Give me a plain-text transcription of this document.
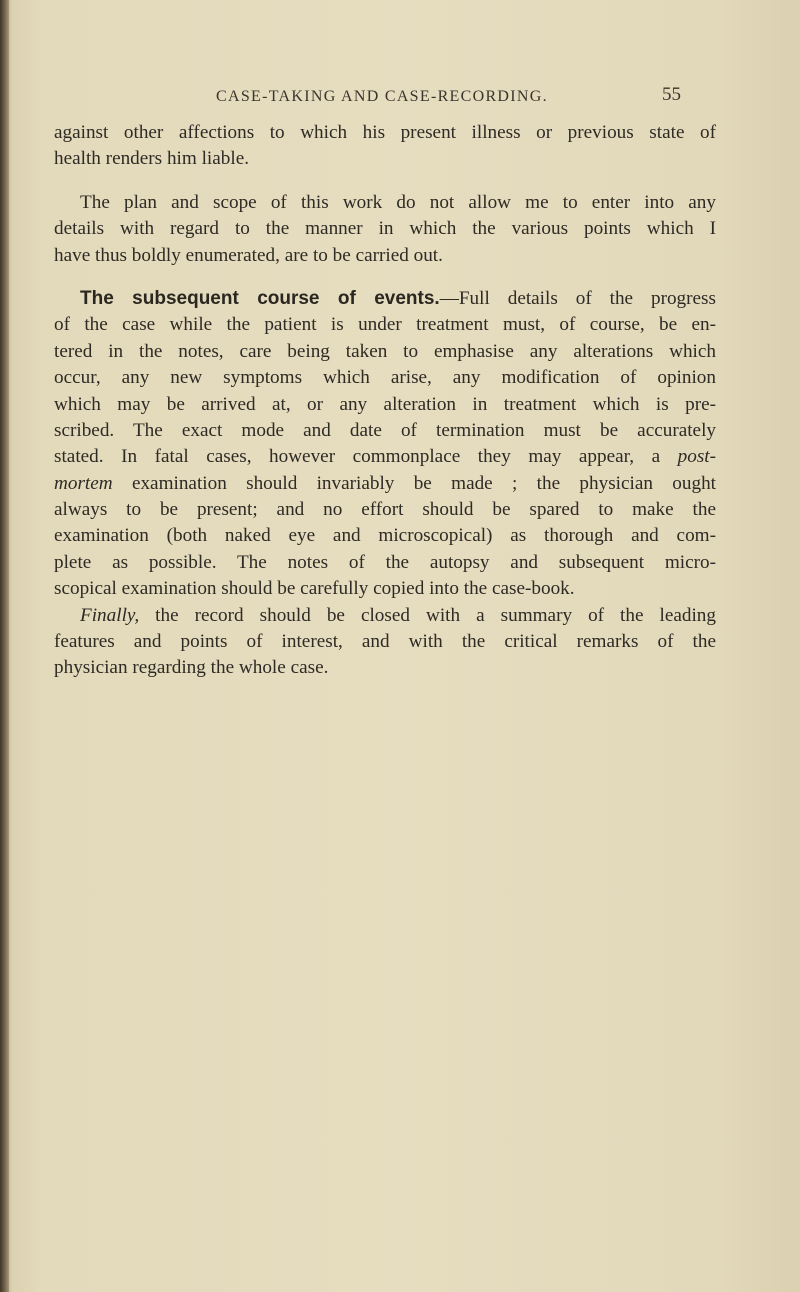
CASE-TAKING AND CASE-RECORDING.	55
against other affections to which his present illness or previous state of
health renders him liable.
The plan and scope of this work do not allow me to enter into any
details with regard to the manner in which the various points which I
have thus boldly enumerated, are to be carried out.
The subsequent course of events.—Full details of the progress
of the case while the patient is under treatment must, of course, be en-
tered in the notes, care being taken to emphasise any alterations which
occur, any new symptoms which arise, any modification of opinion
which may be arrived at, or any alteration in treatment which is pre-
scribed. The exact mode and date of termination must be accurately
stated. In fatal cases, however commonplace they may appear, a post-
mortem examination should invariably be made ; the physician ought
always to be present; and no effort should be spared to make the
examination (both naked eye and microscopical) as thorough and com-
plete as possible. The notes of the autopsy and subsequent micro-
scopical examination should be carefully copied into the case-book.
Finally, the record should be closed with a summary of the leading
features and points of interest, and with the critical remarks of the
physician regarding the whole case.
